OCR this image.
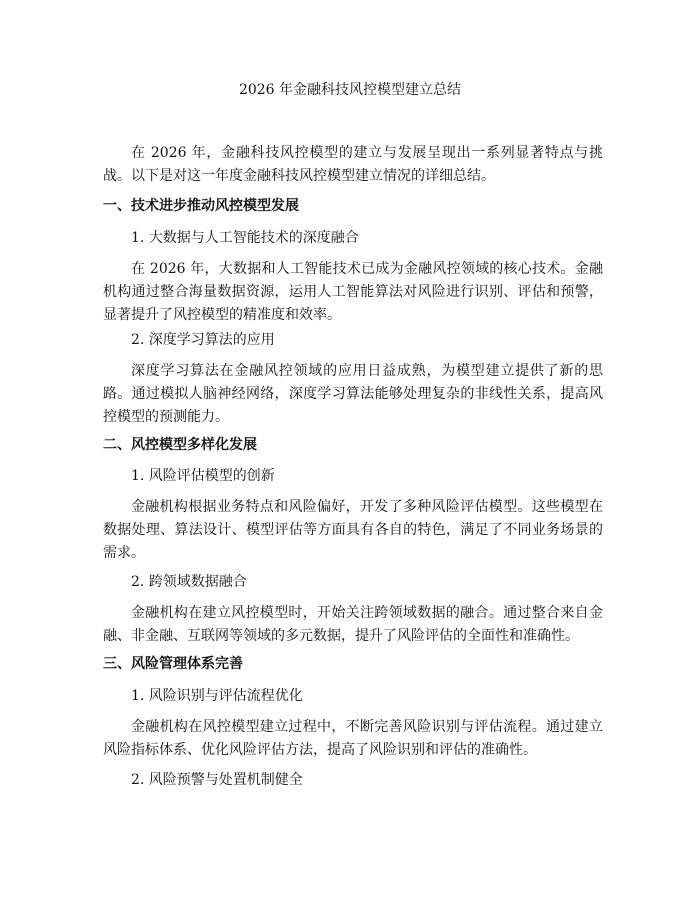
2026 年金融科技风控模型建立总结
在 2026 年，金融科技风控模型的建立与发展呈现出一系列显著特点与挑战。以下是对这一年度金融科技风控模型建立情况的详细总结。
一、技术进步推动风控模型发展
1. 大数据与人工智能技术的深度融合
在 2026 年，大数据和人工智能技术已成为金融风控领域的核心技术。金融机构通过整合海量数据资源，运用人工智能算法对风险进行识别、评估和预警，显著提升了风控模型的精准度和效率。
2. 深度学习算法的应用
深度学习算法在金融风控领域的应用日益成熟，为模型建立提供了新的思路。通过模拟人脑神经网络，深度学习算法能够处理复杂的非线性关系，提高风控模型的预测能力。
二、风控模型多样化发展
1. 风险评估模型的创新
金融机构根据业务特点和风险偏好，开发了多种风险评估模型。这些模型在数据处理、算法设计、模型评估等方面具有各自的特色，满足了不同业务场景的需求。
2. 跨领域数据融合
金融机构在建立风控模型时，开始关注跨领域数据的融合。通过整合来自金融、非金融、互联网等领域的多元数据，提升了风险评估的全面性和准确性。
三、风险管理体系完善
1. 风险识别与评估流程优化
金融机构在风控模型建立过程中，不断完善风险识别与评估流程。通过建立风险指标体系、优化风险评估方法，提高了风险识别和评估的准确性。
2. 风险预警与处置机制健全
